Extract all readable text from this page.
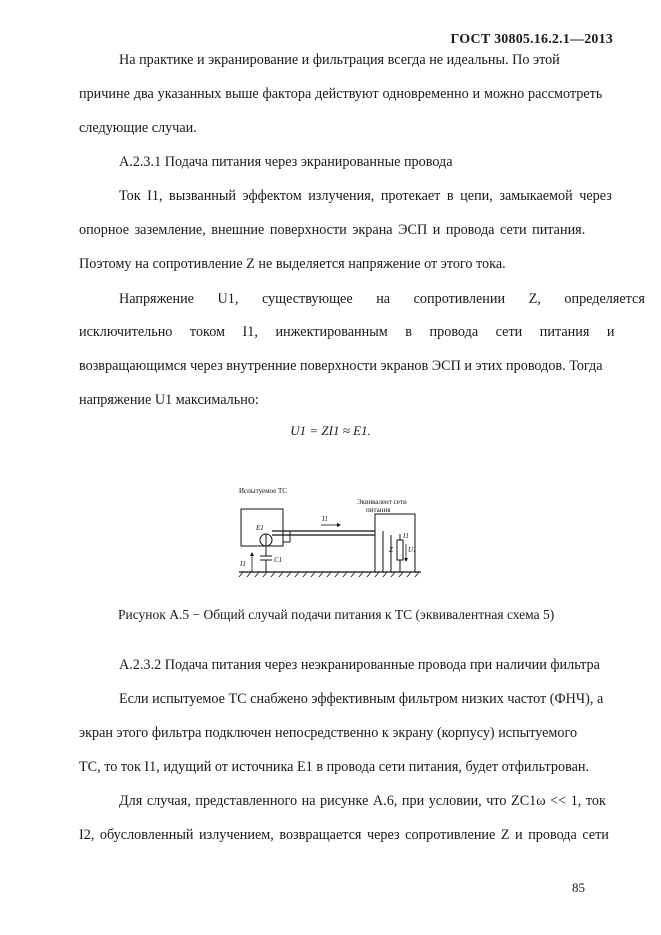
ГОСТ 30805.16.2.1—2013
На практике и экранирование и фильтрация всегда не идеальны. По этой
причине два указанных выше фактора действуют одновременно и можно рассмотреть
следующие случаи.
А.2.3.1 Подача питания через экранированные провода
Ток I1, вызванный эффектом излучения, протекает в цепи, замыкаемой через
опорное заземление, внешние поверхности экрана ЭСП и провода сети питания.
Поэтому на сопротивление Z не выделяется напряжение от этого тока.
Напряжение U1, существующее на сопротивлении Z, определяется
исключительно током I1, инжектированным в провода сети питания и
возвращающимся через внутренние поверхности экранов ЭСП и этих проводов. Тогда
напряжение U1 максимально:
U1 = ZI1 ≈ E1.
Испытуемое ТС
Эквивалент сети
питания
E1
I1
Z
I1
U1
C1
I1
Рисунок А.5 − Общий случай подачи питания к ТС (эквивалентная схема 5)
А.2.3.2 Подача питания через неэкранированные провода при наличии фильтра
Если испытуемое ТС снабжено эффективным фильтром низких частот (ФНЧ), а
экран этого фильтра подключен непосредственно к экрану (корпусу) испытуемого
ТС, то ток I1, идущий от источника E1 в провода сети питания, будет отфильтрован.
Для случая, представленного на рисунке А.6, при условии, что ZC1ω << 1, ток
I2, обусловленный излучением, возвращается через сопротивление Z и провода сети
85
